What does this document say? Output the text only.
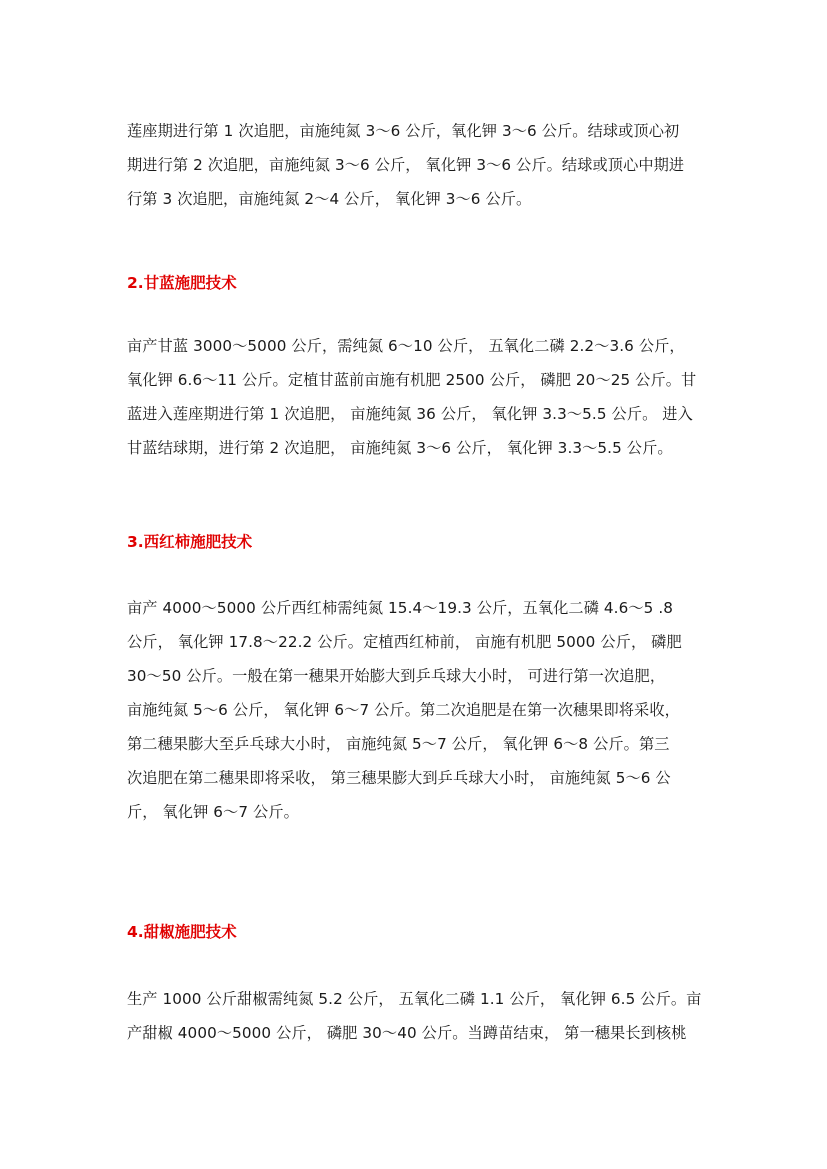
莲座期进行第 1 次追肥，亩施纯氮 3～6 公斤，氧化钾 3～6 公斤。结球或顶心初
期进行第 2 次追肥，亩施纯氮 3～6 公斤， 氧化钾 3～6 公斤。结球或顶心中期进
行第 3 次追肥，亩施纯氮 2～4 公斤， 氧化钾 3～6 公斤。
2.甘蓝施肥技术
亩产甘蓝 3000～5000 公斤，需纯氮 6～10 公斤， 五氧化二磷 2.2～3.6 公斤，
氧化钾 6.6～11 公斤。定植甘蓝前亩施有机肥 2500 公斤， 磷肥 20～25 公斤。甘
蓝进入莲座期进行第 1 次追肥， 亩施纯氮 36 公斤， 氧化钾 3.3～5.5 公斤。 进入
甘蓝结球期，进行第 2 次追肥， 亩施纯氮 3～6 公斤， 氧化钾 3.3～5.5 公斤。
3.西红柿施肥技术
亩产 4000～5000 公斤西红柿需纯氮 15.4～19.3 公斤，五氧化二磷 4.6～5 .8
公斤， 氧化钾 17.8～22.2 公斤。定植西红柿前， 亩施有机肥 5000 公斤， 磷肥
30～50 公斤。一般在第一穗果开始膨大到乒乓球大小时， 可进行第一次追肥，
亩施纯氮 5～6 公斤， 氧化钾 6～7 公斤。第二次追肥是在第一次穗果即将采收，
第二穗果膨大至乒乓球大小时， 亩施纯氮 5～7 公斤， 氧化钾 6～8 公斤。第三
次追肥在第二穗果即将采收， 第三穗果膨大到乒乓球大小时， 亩施纯氮 5～6 公
斤， 氧化钾 6～7 公斤。
4.甜椒施肥技术
生产 1000 公斤甜椒需纯氮 5.2 公斤， 五氧化二磷 1.1 公斤， 氧化钾 6.5 公斤。亩
产甜椒 4000～5000 公斤， 磷肥 30～40 公斤。当蹲苗结束， 第一穗果长到核桃
